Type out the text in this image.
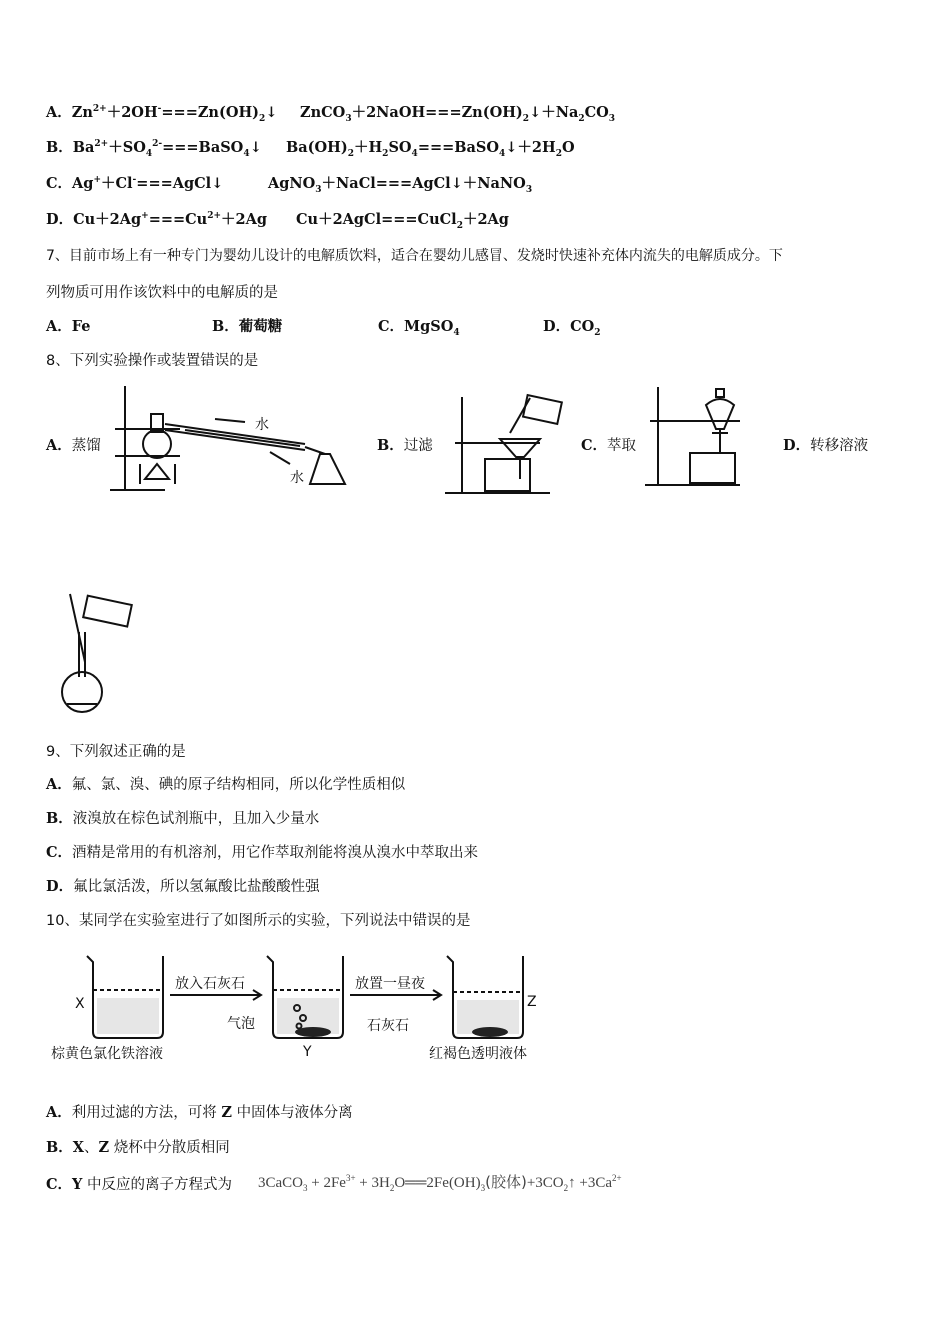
A．$Zn^{2+}+2OH^-===Zn(OH)_2↓$ $ZnCO_3+2NaOH===Zn(OH)_2↓+Na_2CO_3$
B．$Ba^{2+}+SO_4^{2-}===BaSO_4↓$ $Ba(OH)_2+H_2SO_4===BaSO_4↓+2H_2O$
C．Ag+＋Cl-===AgCl↓	AgNO$_3$＋NaCl===AgCl↓＋NaNO$_3$
D．$Cu+2Ag^+===Cu^{2+}+2Ag$ Cu＋2AgCl===CuCl$_2$＋2Ag
7、目前市场上有一种专门为婴幼儿设计的电解质饮料，适合在婴幼儿感冒、发烧时快速补充体内流失的电解质成分。下
列物质可用作该饮料中的电解质的是
A．Fe	B．葡萄糖	C．MgSO$_4$	D．$CO_2$
8、下列实验操作或装置错误的是
A．蒸馏
水
水
B．过滤	C．萃取	D．转移溶液
9、下列叙述正确的是
A．氟、氯、溴、碘的原子结构相同，所以化学性质相似
B．液溴放在棕色试剂瓶中，且加入少量水
C．酒精是常用的有机溶剂，用它作萃取剂能将溴从溴水中萃取出来
D．氟比氯活泼，所以氢氟酸比盐酸酸性强
10、某同学在实验室进行了如图所示的实验，下列说法中错误的是
X
放入石灰石	放置一昼夜
气泡	石灰石
Y
Z
棕黄色氯化铁溶液	红褐色透明液体
A．利用过滤的方法，可将 Z 中固体与液体分离
B．X、Z 烧杯中分散质相同
C．Y 中反应的离子方程式为 3CaCO$_3$ + $2Fe^{3+}$ + $3H_2O══2Fe(OH)_3$(胶体)$+3CO_2↑ +3Ca^{2+}$
